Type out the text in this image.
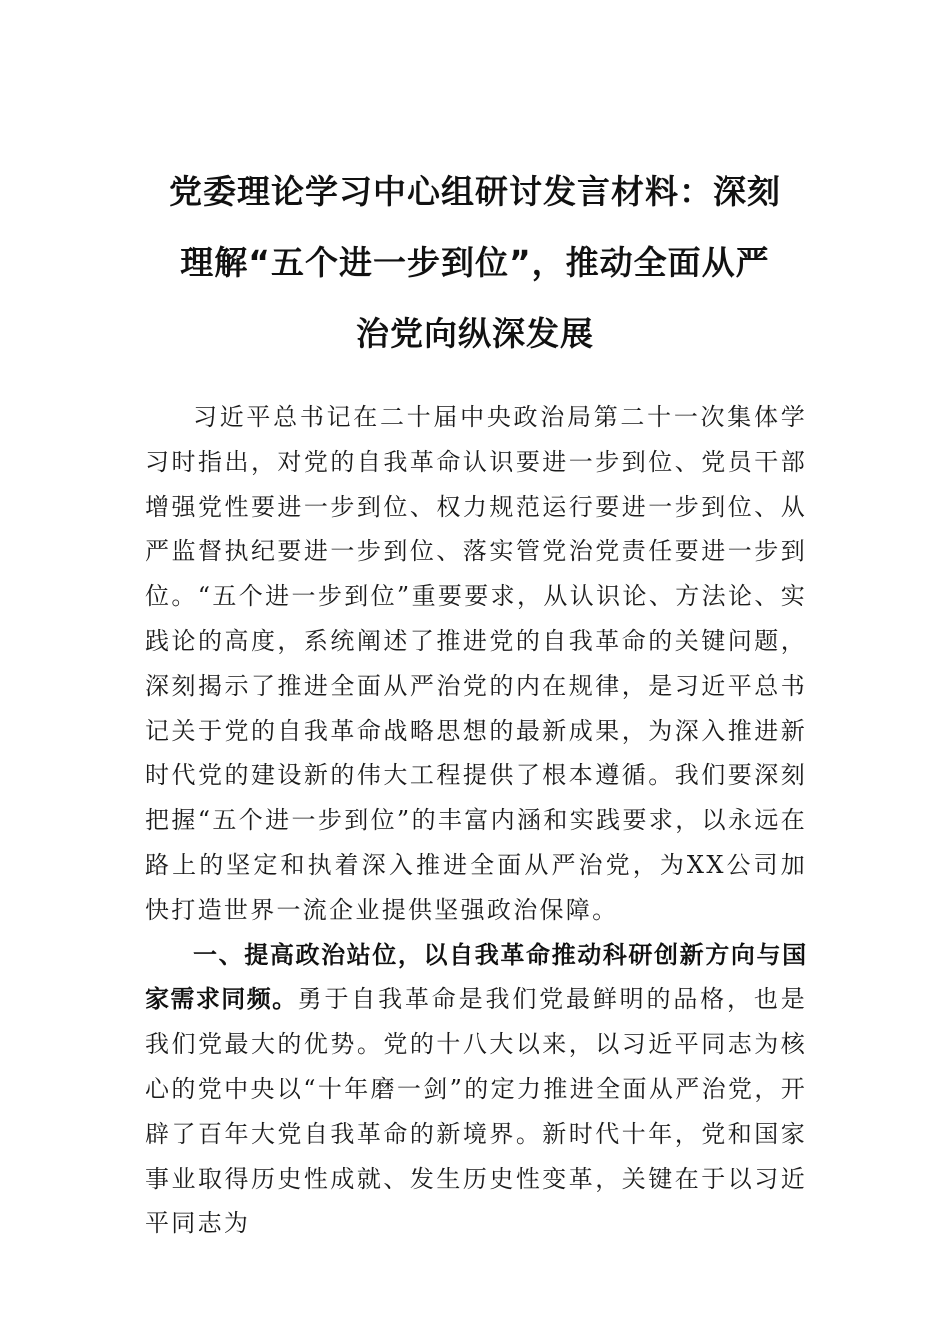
党委理论学习中心组研讨发言材料：深刻
理解“五个进一步到位”，推动全面从严
治党向纵深发展

习近平总书记在二十届中央政治局第二十一次集体学习时指出，对党的自我革命认识要进一步到位、党员干部增强党性要进一步到位、权力规范运行要进一步到位、从严监督执纪要进一步到位、落实管党治党责任要进一步到位。“五个进一步到位”重要要求，从认识论、方法论、实践论的高度，系统阐述了推进党的自我革命的关键问题，深刻揭示了推进全面从严治党的内在规律，是习近平总书记关于党的自我革命战略思想的最新成果，为深入推进新时代党的建设新的伟大工程提供了根本遵循。我们要深刻把握“五个进一步到位”的丰富内涵和实践要求，以永远在路上的坚定和执着深入推进全面从严治党，为XX公司加快打造世界一流企业提供坚强政治保障。

一、提高政治站位，以自我革命推动科研创新方向与国家需求同频。勇于自我革命是我们党最鲜明的品格，也是我们党最大的优势。党的十八大以来，以习近平同志为核心的党中央以“十年磨一剑”的定力推进全面从严治党，开辟了百年大党自我革命的新境界。新时代十年，党和国家事业取得历史性成就、发生历史性变革，关键在于以习近平同志为
